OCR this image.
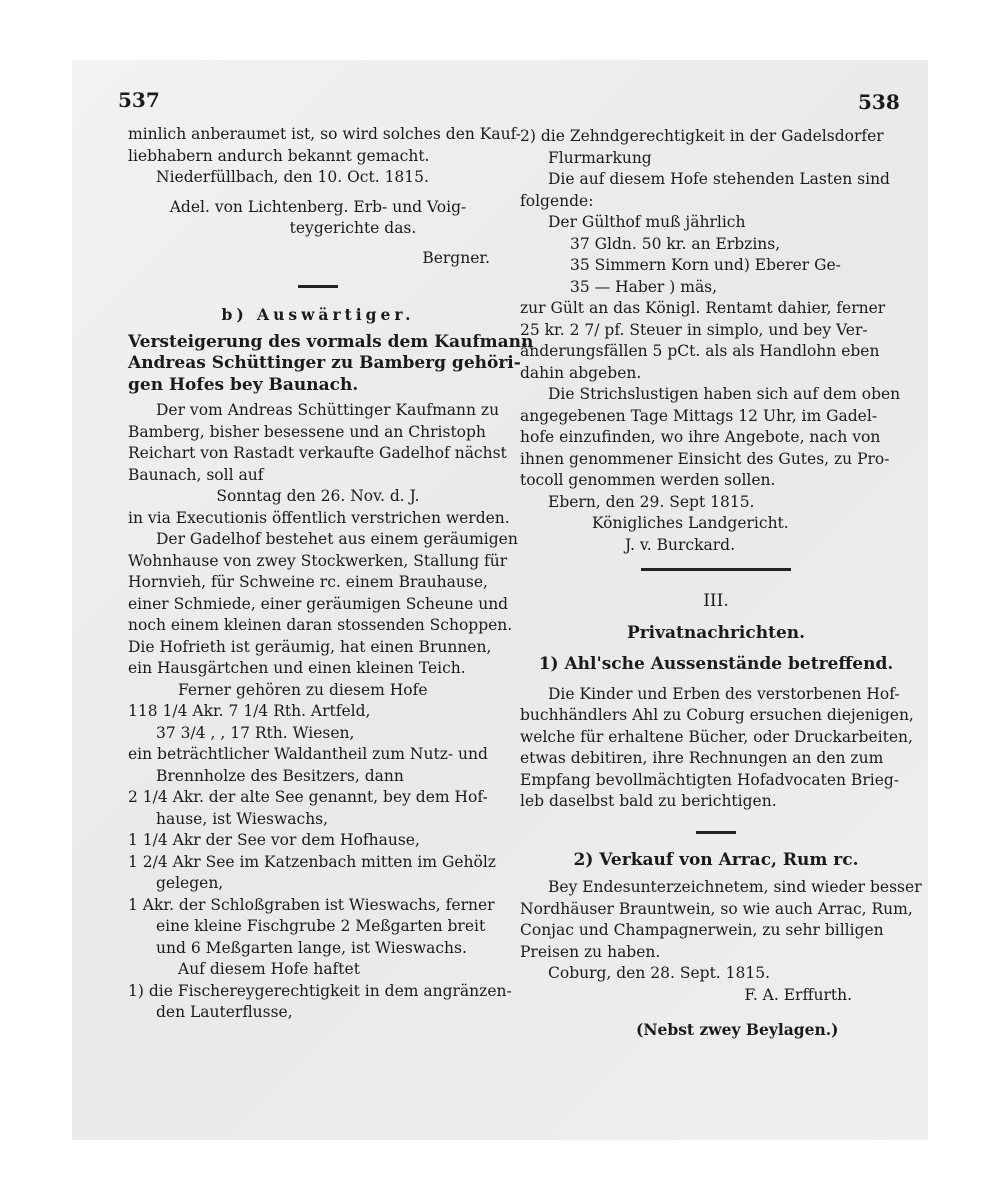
537	538
minlich anberaumet ist, so wird solches den Kauf-
liebhabern andurch bekannt gemacht.
Niederfüllbach, den 10. Oct. 1815.
Adel. von Lichtenberg. Erb- und Voig-
teygerichte das.
Bergner.
b) Auswärtiger.
Versteigerung des vormals dem Kaufmann
Andreas Schüttinger zu Bamberg gehöri-
gen Hofes bey Baunach.
Der vom Andreas Schüttinger Kaufmann zu
Bamberg, bisher besessene und an Christoph
Reichart von Rastadt verkaufte Gadelhof nächst
Baunach, soll auf
Sonntag den 26. Nov. d. J.
in via Executionis öffentlich verstrichen werden.
Der Gadelhof bestehet aus einem geräumigen
Wohnhause von zwey Stockwerken, Stallung für
Hornvieh, für Schweine rc. einem Brauhause,
einer Schmiede, einer geräumigen Scheune und
noch einem kleinen daran stossenden Schoppen.
Die Hofrieth ist geräumig, hat einen Brunnen,
ein Hausgärtchen und einen kleinen Teich.
Ferner gehören zu diesem Hofe
118 1/4 Akr. 7 1/4 Rth. Artfeld,
37 3/4 , , 17 Rth. Wiesen,
ein beträchtlicher Waldantheil zum Nutz- und
Brennholze des Besitzers, dann
2 1/4 Akr. der alte See genannt, bey dem Hof-
hause, ist Wieswachs,
1 1/4 Akr der See vor dem Hofhause,
1 2/4 Akr See im Katzenbach mitten im Gehölz
gelegen,
1 Akr. der Schloßgraben ist Wieswachs, ferner
eine kleine Fischgrube 2 Meßgarten breit
und 6 Meßgarten lange, ist Wieswachs.
Auf diesem Hofe haftet
1) die Fischereygerechtigkeit in dem angränzen-
den Lauterflusse,
2) die Zehndgerechtigkeit in der Gadelsdorfer
Flurmarkung
Die auf diesem Hofe stehenden Lasten sind
folgende:
Der Gülthof muß jährlich
37 Gldn. 50 kr. an Erbzins,
35 Simmern Korn und) Eberer Ge-
35 — Haber ) mäs,
zur Gült an das Königl. Rentamt dahier, ferner
25 kr. 2 7/ pf. Steuer in simplo, und bey Ver-
änderungsfällen 5 pCt. als als Handlohn eben
dahin abgeben.
Die Strichslustigen haben sich auf dem oben
angegebenen Tage Mittags 12 Uhr, im Gadel-
hofe einzufinden, wo ihre Angebote, nach von
ihnen genommener Einsicht des Gutes, zu Pro-
tocoll genommen werden sollen.
Ebern, den 29. Sept 1815.
Königliches Landgericht.
J. v. Burckard.
III.
Privatnachrichten.
1) Ahl'sche Aussenstände betreffend.
Die Kinder und Erben des verstorbenen Hof-
buchhändlers Ahl zu Coburg ersuchen diejenigen,
welche für erhaltene Bücher, oder Druckarbeiten,
etwas debitiren, ihre Rechnungen an den zum
Empfang bevollmächtigten Hofadvocaten Brieg-
leb daselbst bald zu berichtigen.
2) Verkauf von Arrac, Rum rc.
Bey Endesunterzeichnetem, sind wieder besser
Nordhäuser Brauntwein, so wie auch Arrac, Rum,
Conjac und Champagnerwein, zu sehr billigen
Preisen zu haben.
Coburg, den 28. Sept. 1815.
F. A. Erffurth.
(Nebst zwey Beylagen.)
